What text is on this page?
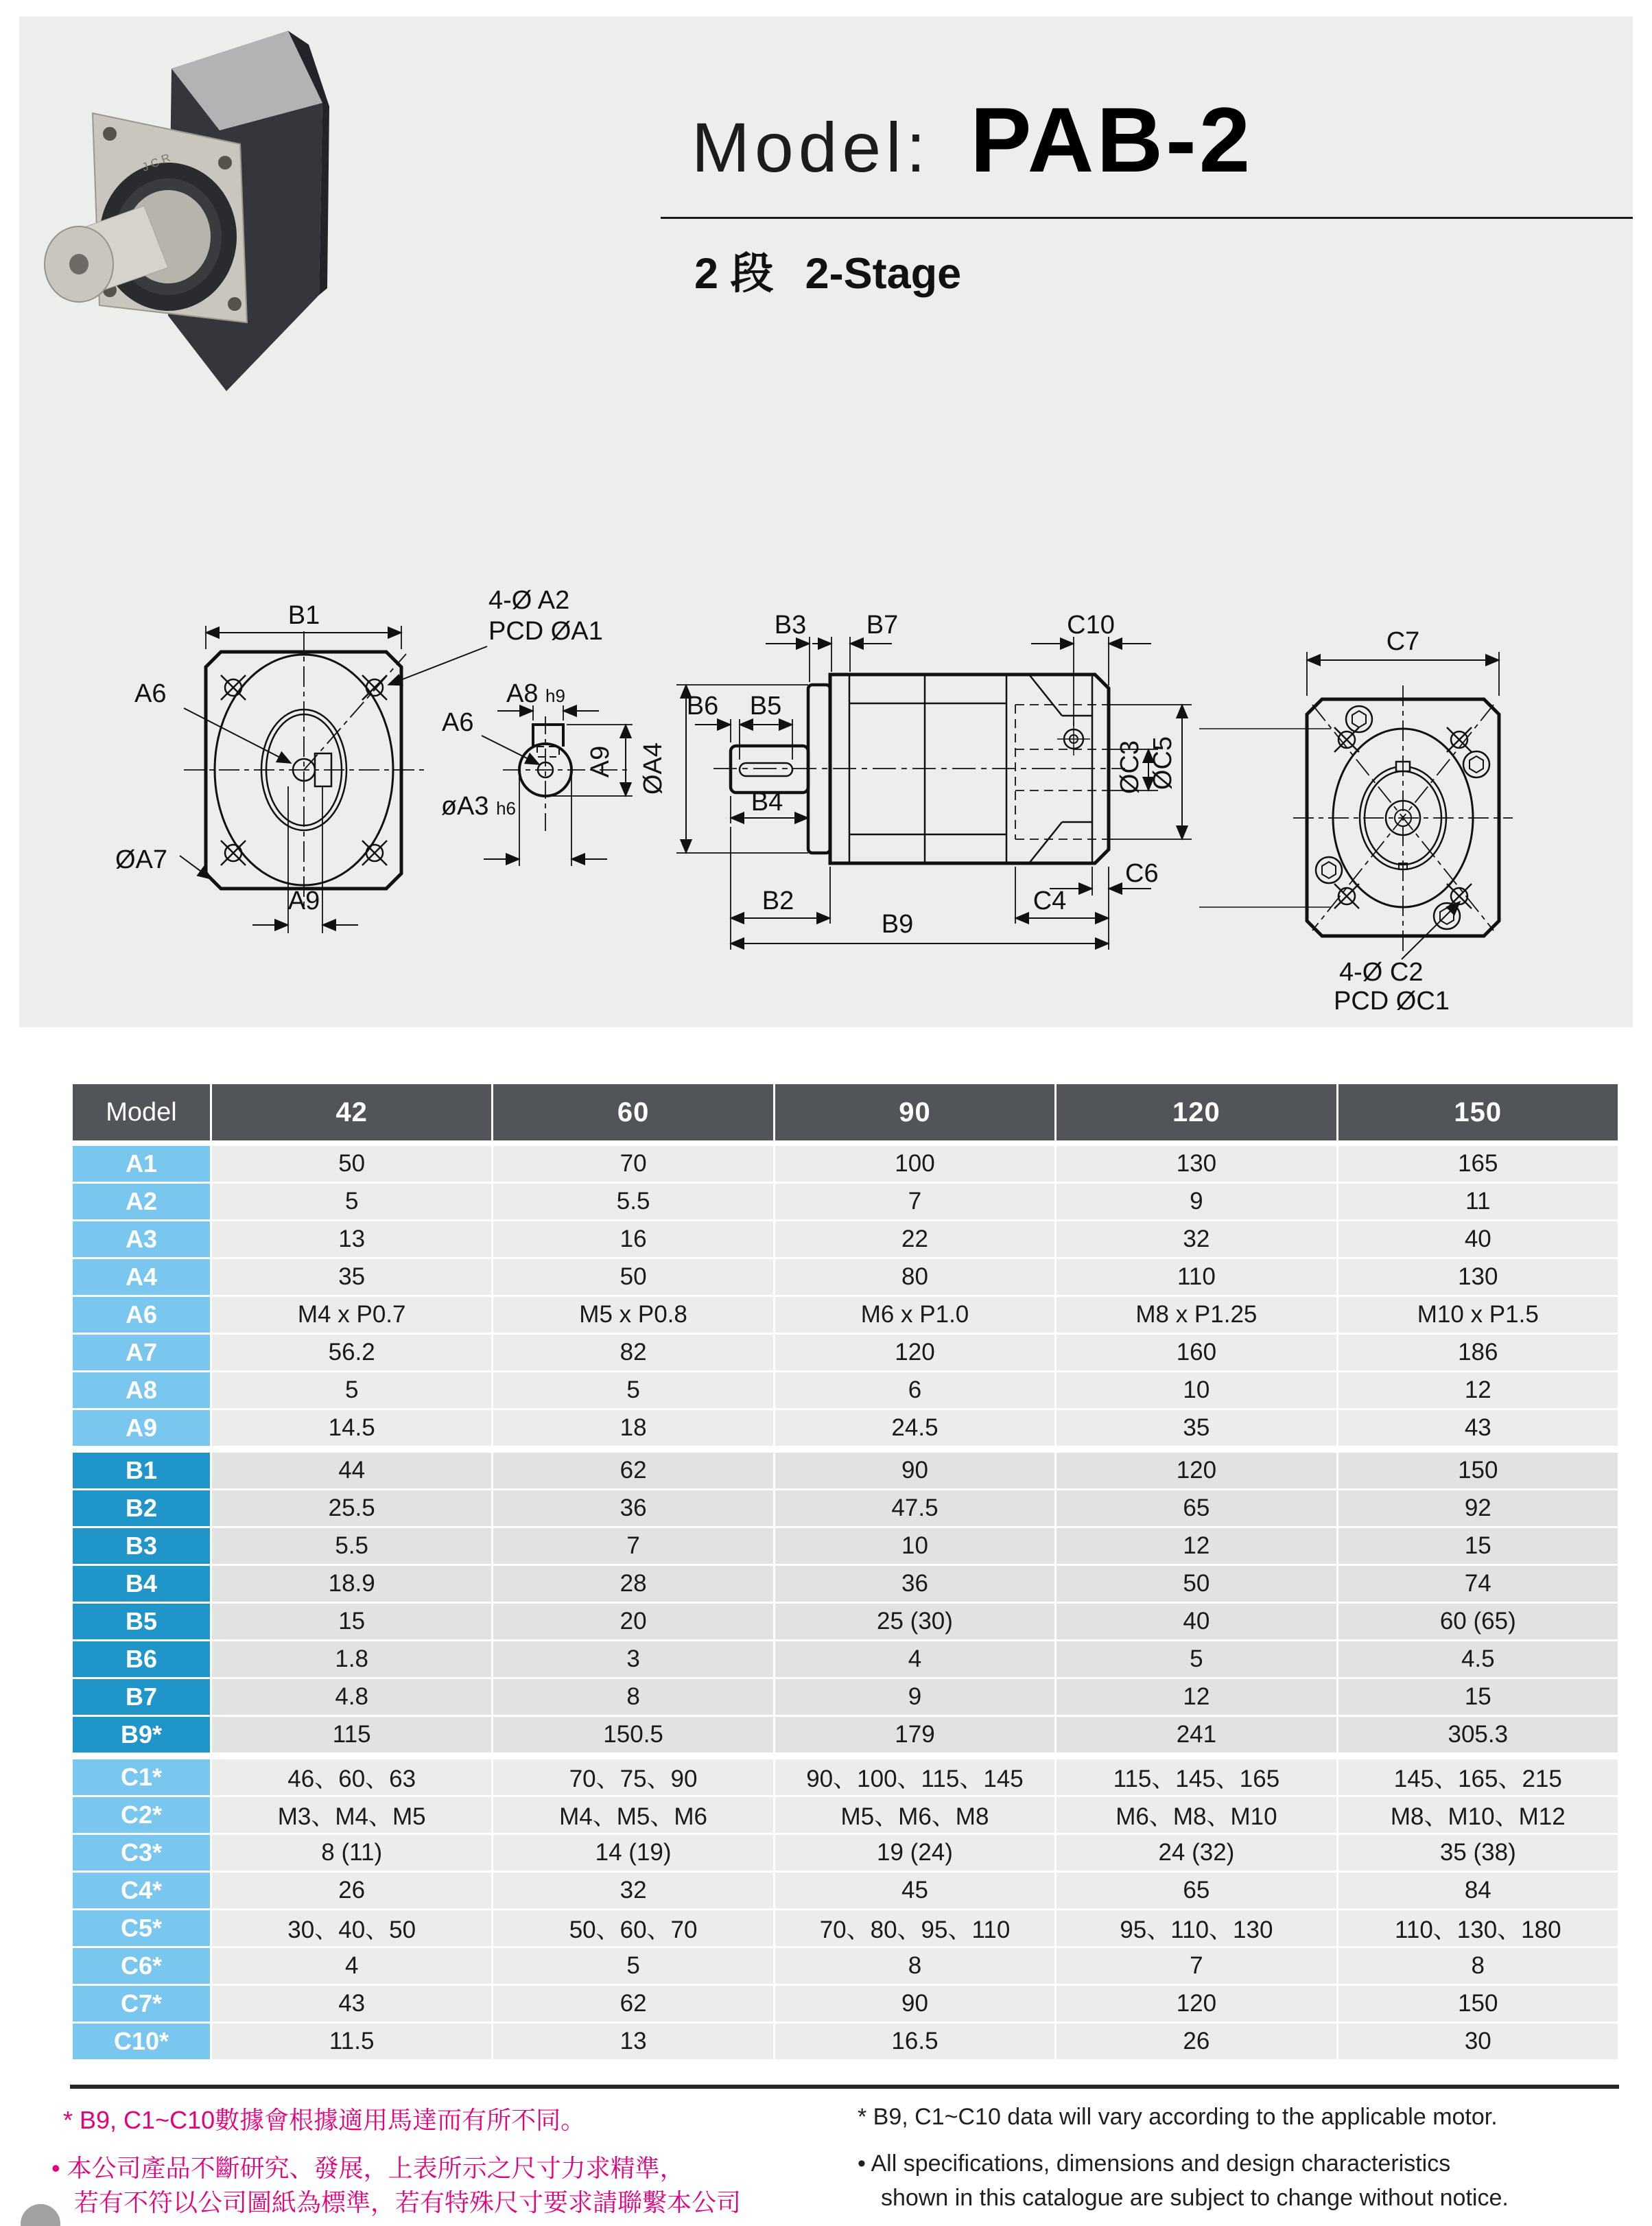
J C R	Model: PAB-2
2 段 2-Stage
B1
4-Ø A2
PCD ØA1
A6
ØA7
A9
A8 h9
A6
A9
øA3 h6
B3 B7	C10
ØA4
B6 B5
B4
B2	C4
C6
B9
ØC3 ØC5
C7
4-Ø C2
PCD ØC1
Model	42	60	90	120	150
A1	50	70	100	130	165
A2	5	5.5	7	9	11
A3	13	16	22	32	40
A4	35	50	80	110	130
A6	M4 x P0.7	M5 x P0.8	M6 x P1.0	M8 x P1.25	M10 x P1.5
A7	56.2	82	120	160	186
A8	5	5	6	10	12
A9	14.5	18	24.5	35	43
B1	44	62	90	120	150
B2	25.5	36	47.5	65	92
B3	5.5	7	10	12	15
B4	18.9	28	36	50	74
B5	15	20	25 (30)	40	60 (65)
B6	1.8	3	4	5	4.5
B7	4.8	8	9	12	15
B9*	115	150.5	179	241	305.3
C1*	46、60、63	70、75、90	90、100、115、145	115、145、165	145、165、215
C2*	M3、M4、M5	M4、M5、M6	M5、M6、M8	M6、M8、M10	M8、M10、M12
C3*	8 (11)	14 (19)	19 (24)	24 (32)	35 (38)
C4*	26	32	45	65	84
C5*	30、40、50	50、60、70	70、80、95、110	95、110、130	110、130、180
C6*	4	5	8	7	8
C7*	43	62	90	120	150
C10*	11.5	13	16.5	26	30
* B9, C1~C10數據會根據適用馬達而有所不同。
• 本公司產品不斷研究、發展，上表所示之尺寸力求精準，
若有不符以公司圖紙為標準，若有特殊尺寸要求請聯繫本公司
* B9, C1~C10 data will vary according to the applicable motor.
• All specifications, dimensions and design characteristics
shown in this catalogue are subject to change without notice.
